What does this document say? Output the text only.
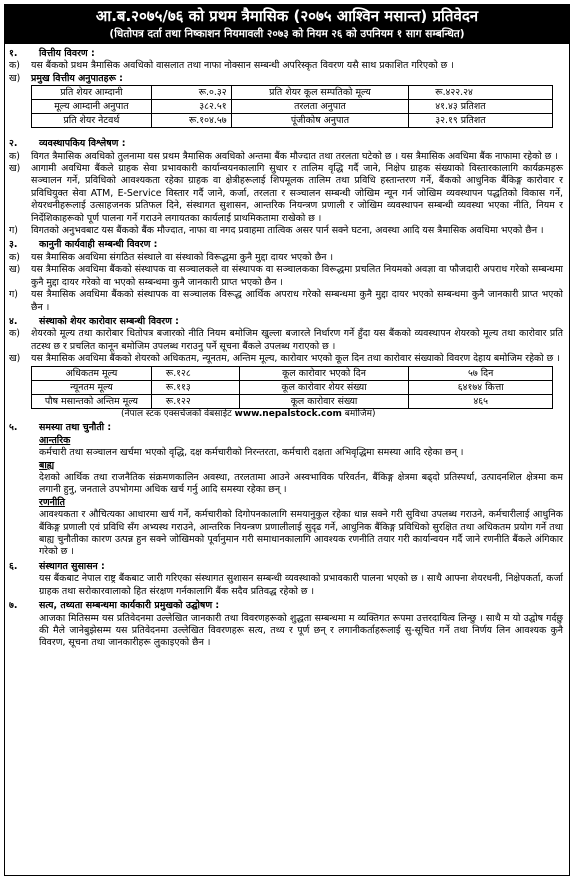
आ.ब.२०७५/७६ को प्रथम त्रैमासिक (२०७५ आश्विन मसान्त) प्रतिवेदन
(धितोपत्र दर्ता तथा निष्काशन नियमावली २०७३ को नियम २६ को उपनियम १ साग सम्बन्धित)
१.	वित्तीय विवरण :
क)	यस बैंकको प्रथम त्रैमासिक अवधिको वासलात तथा नाफा नोक्सान सम्बन्धी अपरिस्कृत विवरण यसै साथ प्रकाशित गरिएको छ ।
ख)	प्रमुख वित्तीय अनुपातहरू :
प्रति शेयर आम्दानी	रू.०.३२	प्रति शेयर कूल सम्पतिको मूल्य	रू.४२२.२४
मूल्य आम्दानी अनुपात	३८२.५१	तरलता अनुपात	४१.४३ प्रतिशत
प्रति शेयर नेटवर्थ	रू.१०४.५७	पूंजीकोष अनुपात	३२.१९ प्रतिशत
२.	व्यवस्थापकिय विश्लेषण :
क)	विगत त्रैमासिक अवधिको तुलनामा यस प्रथम त्रैमासिक अवधिको अन्तमा बैंक मौज्दात तथा तरलता घटेको छ । यस त्रैमासिक अवधिमा बैंक नाफामा रहेको छ ।
ख)	आगामी अवधिमा बैंकले ग्राहक सेवा प्रभावकारी कार्यान्वयनकालागि सुधार र तालिम वृद्धि गर्दै जाने, निक्षेप ग्राहक संख्याको विस्तारकालागि कार्यक्रमहरू सञ्चालन गर्ने, प्रविधिको आवश्यकता रहेका ग्राहक वा क्षेत्रीहरूलाई शिपमूलक तालिम तथा प्रविधि हस्तान्तरण गर्ने, बैंकको आधुनिक बैंकिङ्ग कारोवार र प्रविधियुक्त सेवा ATM, E-Service विस्तार गर्दै जाने, कर्जा, तरलता र सञ्चालन सम्बन्धी जोखिम न्यून गर्न जोखिम व्यवस्थापन पद्धतिको विकास गर्ने, शेयरधनीहरूलाई उत्साहजनक प्रतिफल दिने, संस्थागत सुशासन, आन्तरिक नियन्त्रण प्रणाली र जोखिम व्यवस्थापन सम्बन्धी व्यवस्था भएका नीति, नियम र निर्देशिकाहरूको पूर्ण पालना गर्ने गराउने लगायतका कार्यलाई प्राथमिकतामा राखेको छ ।
ग)	विगतको अनुभवबाट यस बैंकको बैंक मौज्दात, नाफा वा नगद प्रवाहमा तात्विक असर पार्न सक्ने घटना, अवस्था आदि यस त्रैमासिक अवधिमा भएको छैन ।
३.	कानुनी कार्यवाही सम्बन्धी विवरण :
क)	यस त्रैमासिक अवधिमा संगठित संस्थाले वा संस्थाको विरूद्धमा कुनै मुद्दा दायर भएको छैन ।
ख)	यस त्रैमासिक अवधिमा बैंकको संस्थापक वा सञ्चालकले वा संस्थापक वा सञ्चालकका विरूद्धमा प्रचलित नियमको अवज्ञा वा फौजदारी अपराध गरेको सम्बन्धमा कुनै मुद्दा दायर गरेको वा भएको सम्बन्धमा कुनै जानकारी प्राप्त भएको छैन ।
ग)	यस त्रैमासिक अवधिमा बैंकको संस्थापक वा सञ्चालक विरूद्ध आर्थिक अपराध गरेको सम्बन्धमा कुनै मुद्दा दायर भएको सम्बन्धमा कुनै जानकारी प्राप्त भएको छैन ।
४.	संस्थाको शेयर कारोवार सम्बन्धी विवरण :
क)	शेयरको मूल्य तथा कारोबार धितोपत्र बजारको नीति नियम बमोजिम खुल्ला बजारले निर्धारण गर्ने हुँदा यस बैंकको व्यवस्थापन शेयरको मूल्य तथा कारोवार प्रति तटस्थ छ र प्रचलित कानून बमोजिम उपलब्ध गराउनु पर्ने सूचना बैंकले उपलब्ध गराएको छ ।
ख)	यस त्रैमासिक अवधिमा बैंकको शेयरको अधिकतम, न्यूनतम, अन्तिम मूल्य, कारोवार भएको कूल दिन तथा कारोवार संख्याको विवरण देहाय बमोजिम रहेको छ ।
अधिकतम मूल्य	रू.१२८	कूल कारोवार भएको दिन	५७ दिन
न्यूनतम मूल्य	रू.११३	कूल कारोवार शेयर संख्या	६४१७४ कित्ता
पौष मसान्तको अन्तिम मूल्य	रू.१२२	कूल कारोवार संख्या	४६५
(नेपाल स्टक एक्सचेंजको वेबसाईट www.nepalstock.com बमोजिम)
५.	समस्या तथा चुनौती :
आन्तरिक
कर्मचारी तथा सञ्चालन खर्चमा भएको वृद्धि, दक्ष कर्मचारीको निरन्तरता, कर्मचारी दक्षता अभिवृद्धिमा समस्या आदि रहेका छन् ।
बाह्य
देशको आर्थिक तथा राजनैतिक संक्रमणकालिन अवस्था, तरलतामा आउने अस्वभाविक परिवर्तन, बैंकिङ्ग क्षेत्रमा बढ्दो प्रतिस्पर्धा, उत्पादनशिल क्षेत्रमा कम लगानी हुनु, जनताले उपभोगमा अधिक खर्च गर्नु आदि समस्या रहेका छन् ।
रणनीति
आवश्यकता र औचित्यका आधारमा खर्च गर्ने, कर्मचारीको दिगोपनकालागि समयानुकुल रहेका धान्न सक्ने गरी सुविधा उपलब्ध गराउने, कर्मचारीलाई आधुनिक बैंकिङ्ग प्रणाली एवं प्रविधि सँग अभ्यस्थ गराउने, आन्तरिक नियन्त्रण प्रणालीलाई सुदृढ गर्ने, आधुनिक बैंकिङ्ग प्रविधिको सुरक्षित तथा अधिकतम प्रयोग गर्ने तथा बाह्य चुनौतीका कारण उत्पन्न हुन सक्ने जोखिमको पूर्वानुमान गरी समाधानकालागि आवश्यक रणनीति तयार गरी कार्यान्वयन गर्दै जाने रणनीति बैंकले अंगिकार गरेको छ ।
६.	संस्थागत सुसासन :
यस बैंकबाट नेपाल राष्ट्र बैंकबाट जारी गरिएका संस्थागत सुशासन सम्बन्धी व्यवस्थाको प्रभावकारी पालना भएको छ । साथै आफ्ना शेयरधनी, निक्षेपकर्ता, कर्जा ग्राहक तथा सरोकारवालाको हित संरक्षण गर्नकालागि बैंक सदैव प्रतिवद्ध रहेको छ ।
७.	सत्य, तथ्यता सम्बन्धमा कार्यकारी प्रमुखको उद्घोषण :
आजका मितिसम्म यस प्रतिवेदनमा उल्लेखित जानकारी तथा विवरणहरूको शुद्धता सम्बन्धमा म व्यक्तिगत रूपमा उत्तरदायित्व लिन्छु । साथै म यो उद्घोष गर्दछु की मैले जानेबुझेसम्म यस प्रतिवेदनमा उल्लेखित विवरणहरू सत्य, तथ्य र पूर्ण छन् र लगानीकर्ताहरूलाई सु-सूचित गर्ने तथा निर्णय लिन आवश्यक कुनै विवरण, सूचना तथा जानकारीहरू लुकाइएको छैन ।
